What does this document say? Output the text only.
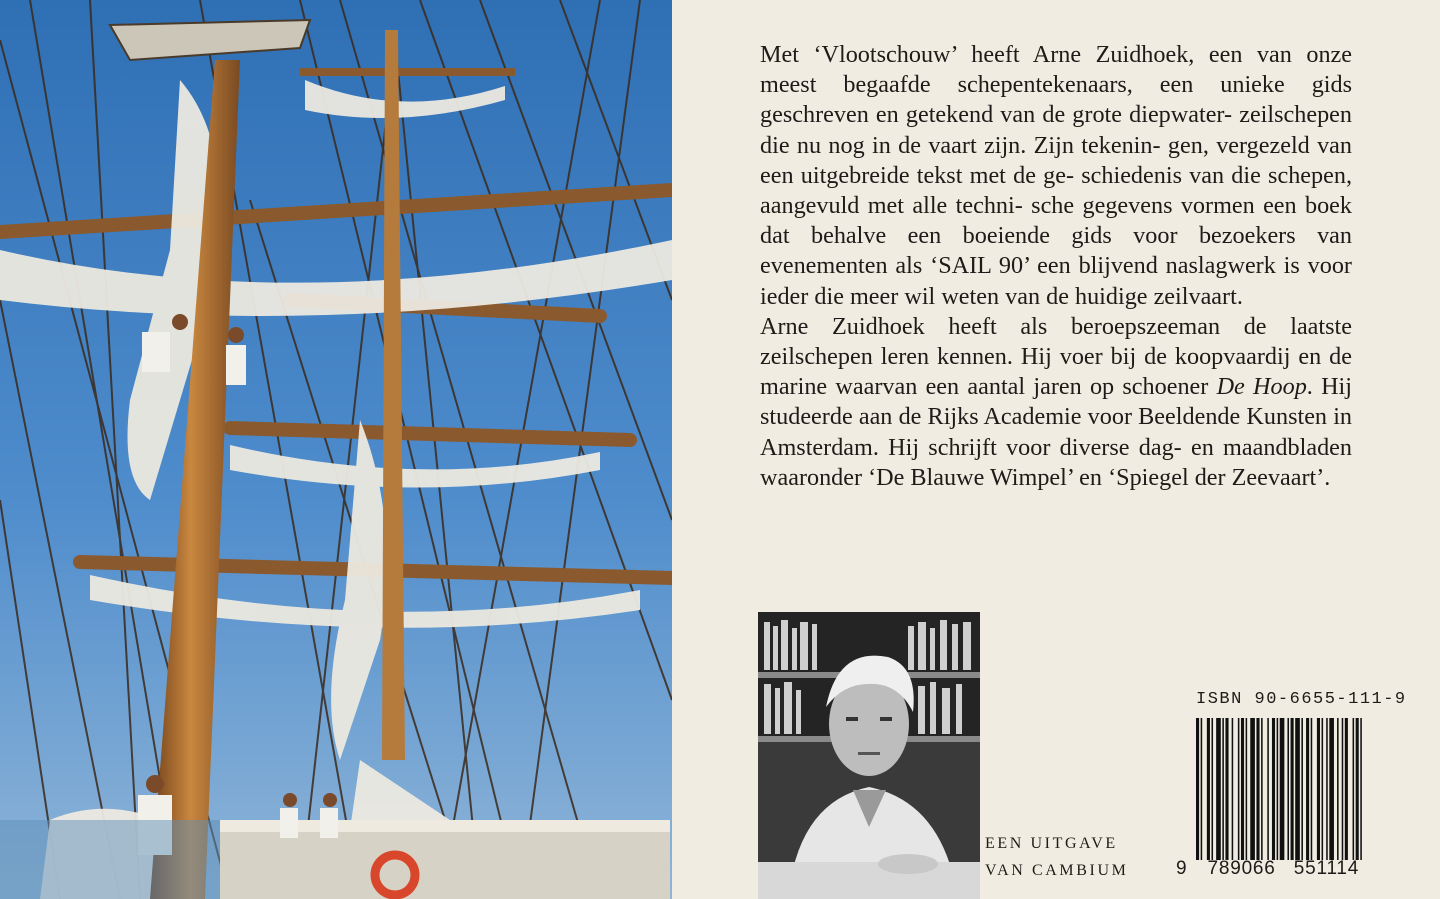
Met ‘Vlootschouw’ heeft Arne Zuidhoek, een van onze meest begaafde schepentekenaars, een unieke gids geschreven en getekend van de grote diepwater- zeilschepen die nu nog in de vaart zijn. Zijn tekenin- gen, vergezeld van een uitgebreide tekst met de ge- schiedenis van die schepen, aangevuld met alle techni- sche gegevens vormen een boek dat behalve een boeiende gids voor bezoekers van evenementen als ‘SAIL 90’ een blijvend naslagwerk is voor ieder die meer wil weten van de huidige zeilvaart.

Arne Zuidhoek heeft als beroepszeeman de laatste zeilschepen leren kennen. Hij voer bij de koopvaardij en de marine waarvan een aantal jaren op schoener De Hoop. Hij studeerde aan de Rijks Academie voor Beeldende Kunsten in Amsterdam. Hij schrijft voor diverse dag- en maandbladen waaronder ‘De Blauwe Wimpel’ en ‘Spiegel der Zeevaart’.

EEN UITGAVE
VAN CAMBIUM
ISBN 90-6655-111-9
9 789066 551114
